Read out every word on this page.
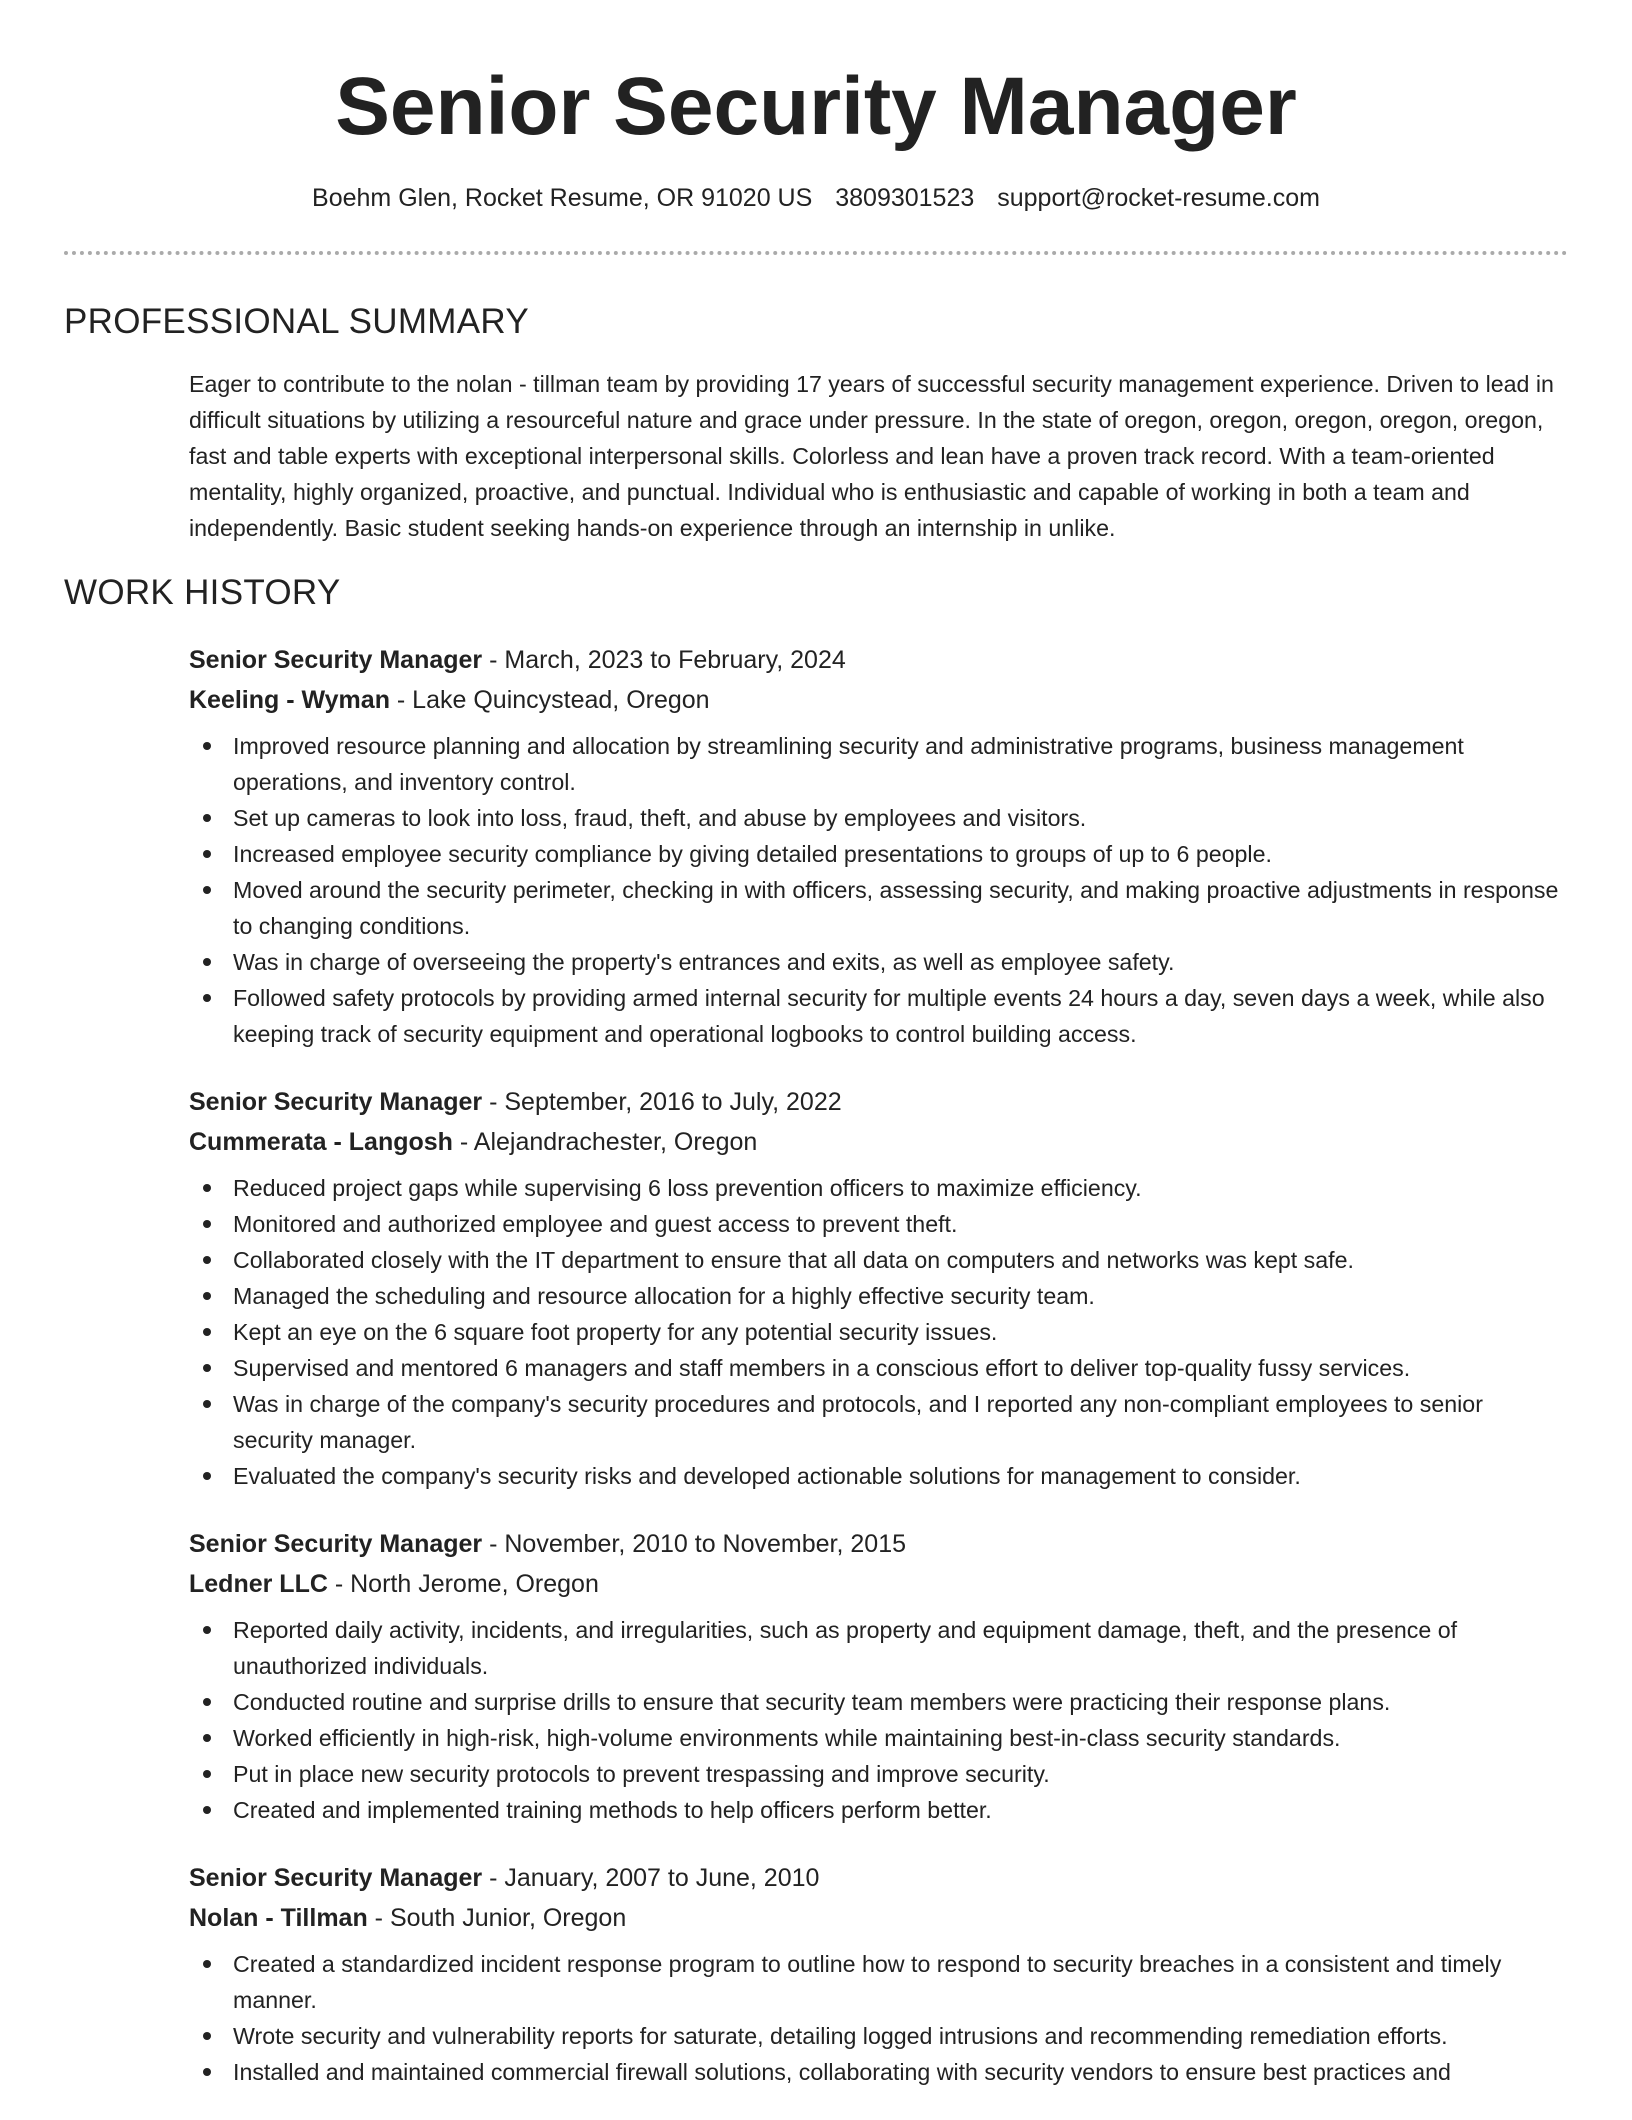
Senior Security Manager
Boehm Glen, Rocket Resume, OR 91020 US 3809301523 support@rocket-resume.com
PROFESSIONAL SUMMARY
Eager to contribute to the nolan - tillman team by providing 17 years of successful security management experience. Driven to lead in difficult situations by utilizing a resourceful nature and grace under pressure. In the state of oregon, oregon, oregon, oregon, oregon, fast and table experts with exceptional interpersonal skills. Colorless and lean have a proven track record. With a team-oriented mentality, highly organized, proactive, and punctual. Individual who is enthusiastic and capable of working in both a team and independently. Basic student seeking hands-on experience through an internship in unlike.
WORK HISTORY
Senior Security Manager - March, 2023 to February, 2024
Keeling - Wyman - Lake Quincystead, Oregon
Improved resource planning and allocation by streamlining security and administrative programs, business management operations, and inventory control.
Set up cameras to look into loss, fraud, theft, and abuse by employees and visitors.
Increased employee security compliance by giving detailed presentations to groups of up to 6 people.
Moved around the security perimeter, checking in with officers, assessing security, and making proactive adjustments in response to changing conditions.
Was in charge of overseeing the property's entrances and exits, as well as employee safety.
Followed safety protocols by providing armed internal security for multiple events 24 hours a day, seven days a week, while also keeping track of security equipment and operational logbooks to control building access.
Senior Security Manager - September, 2016 to July, 2022
Cummerata - Langosh - Alejandrachester, Oregon
Reduced project gaps while supervising 6 loss prevention officers to maximize efficiency.
Monitored and authorized employee and guest access to prevent theft.
Collaborated closely with the IT department to ensure that all data on computers and networks was kept safe.
Managed the scheduling and resource allocation for a highly effective security team.
Kept an eye on the 6 square foot property for any potential security issues.
Supervised and mentored 6 managers and staff members in a conscious effort to deliver top-quality fussy services.
Was in charge of the company's security procedures and protocols, and I reported any non-compliant employees to senior security manager.
Evaluated the company's security risks and developed actionable solutions for management to consider.
Senior Security Manager - November, 2010 to November, 2015
Ledner LLC - North Jerome, Oregon
Reported daily activity, incidents, and irregularities, such as property and equipment damage, theft, and the presence of unauthorized individuals.
Conducted routine and surprise drills to ensure that security team members were practicing their response plans.
Worked efficiently in high-risk, high-volume environments while maintaining best-in-class security standards.
Put in place new security protocols to prevent trespassing and improve security.
Created and implemented training methods to help officers perform better.
Senior Security Manager - January, 2007 to June, 2010
Nolan - Tillman - South Junior, Oregon
Created a standardized incident response program to outline how to respond to security breaches in a consistent and timely manner.
Wrote security and vulnerability reports for saturate, detailing logged intrusions and recommending remediation efforts.
Installed and maintained commercial firewall solutions, collaborating with security vendors to ensure best practices and
